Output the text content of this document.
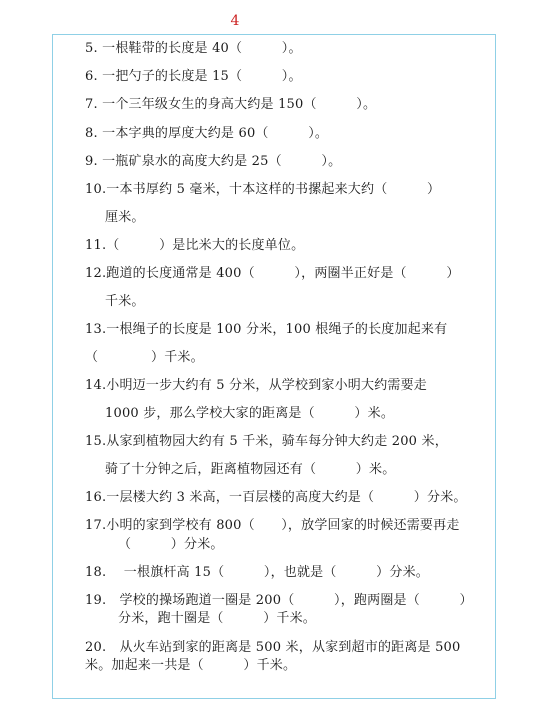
4
5. 一根鞋带的长度是 40（　　　）。
6. 一把勺子的长度是 15（　　　）。
7. 一个三年级女生的身高大约是 150（　　　）。
8. 一本字典的厚度大约是 60（　　　）。
9. 一瓶矿泉水的高度大约是 25（　　　）。
10.一本书厚约 5 毫米，十本这样的书摞起来大约（　　　）
厘米。
11.（　　　）是比米大的长度单位。
12.跑道的长度通常是 400（　　　），两圈半正好是（　　　）
千米。
13.一根绳子的长度是 100 分米，100 根绳子的长度加起来有
（　　　　）千米。
14.小明迈一步大约有 5 分米，从学校到家小明大约需要走
1000 步，那么学校大家的距离是（　　　）米。
15.从家到植物园大约有 5 千米，骑车每分钟大约走 200 米，
骑了十分钟之后，距离植物园还有（　　　）米。
16.一层楼大约 3 米高，一百层楼的高度大约是（　　　）分米。
17.小明的家到学校有 800（　　），放学回家的时候还需要再走
（　　　）分米。
18.　 一根旗杆高 15（　　　），也就是（　　　）分米。
19.　学校的操场跑道一圈是 200（　　　），跑两圈是（　　　）
分米，跑十圈是（　　　）千米。
20.　从火车站到家的距离是 500 米，从家到超市的距离是 500
米。加起来一共是（　　　）千米。
